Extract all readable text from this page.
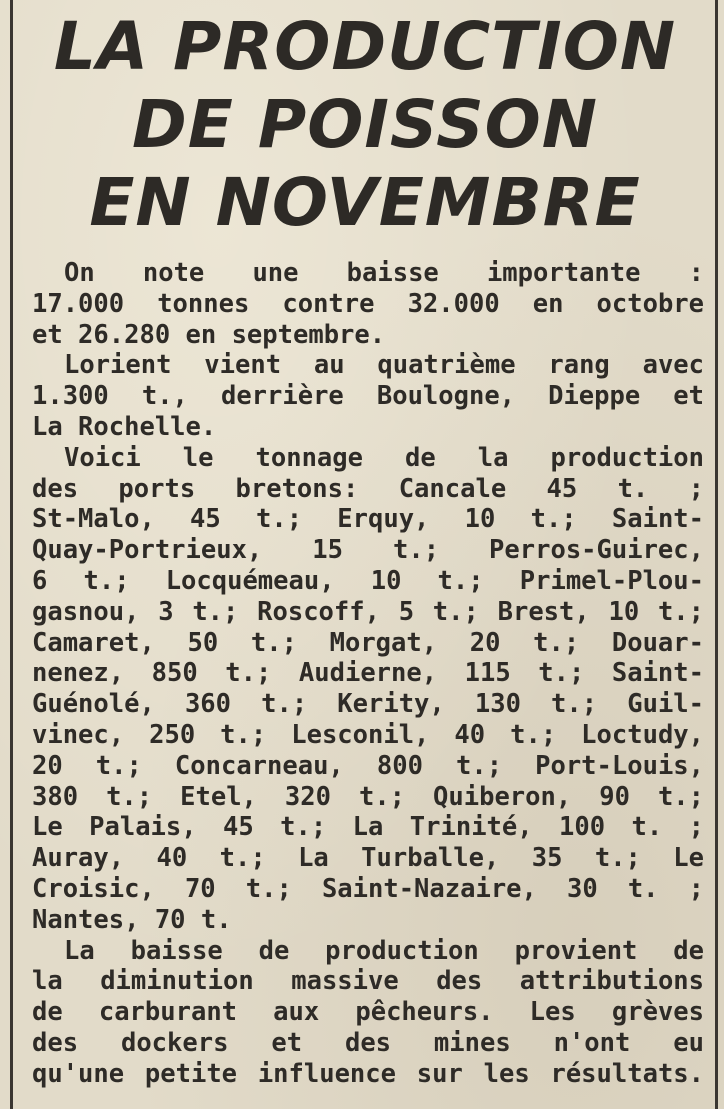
LA PRODUCTION
DE POISSON
EN NOVEMBRE
On note une baisse importante :
17.000 tonnes contre 32.000 en octobre
et 26.280 en septembre.
Lorient vient au quatrième rang avec
1.300 t., derrière Boulogne, Dieppe et
La Rochelle.
Voici le tonnage de la production
des ports bretons: Cancale 45 t. ;
St-Malo, 45 t.; Erquy, 10 t.; Saint-
Quay-Portrieux, 15 t.; Perros-Guirec,
6 t.; Locquémeau, 10 t.; Primel-Plou-
gasnou, 3 t.; Roscoff, 5 t.; Brest, 10 t.;
Camaret, 50 t.; Morgat, 20 t.; Douar-
nenez, 850 t.; Audierne, 115 t.; Saint-
Guénolé, 360 t.; Kerity, 130 t.; Guil-
vinec, 250 t.; Lesconil, 40 t.; Loctudy,
20 t.; Concarneau, 800 t.; Port-Louis,
380 t.; Etel, 320 t.; Quiberon, 90 t.;
Le Palais, 45 t.; La Trinité, 100 t. ;
Auray, 40 t.; La Turballe, 35 t.; Le
Croisic, 70 t.; Saint-Nazaire, 30 t. ;
Nantes, 70 t.
La baisse de production provient de
la diminution massive des attributions
de carburant aux pêcheurs. Les grèves
des dockers et des mines n'ont eu
qu'une petite influence sur les résultats.
